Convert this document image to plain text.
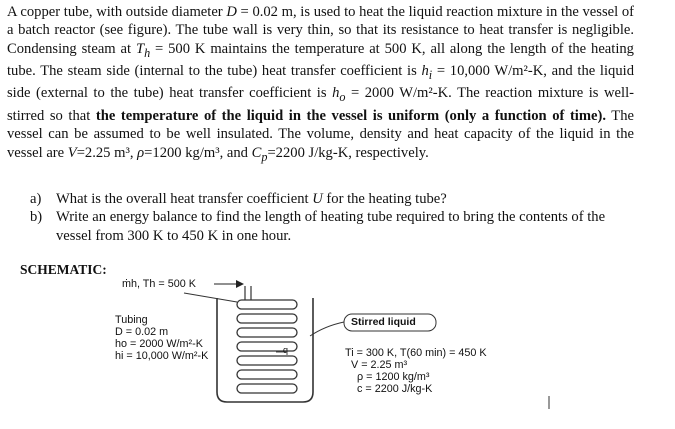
A copper tube, with outside diameter D = 0.02 m, is used to heat the liquid reaction mixture in the vessel of a batch reactor (see figure). The tube wall is very thin, so that its resistance to heat transfer is negligible. Condensing steam at $T_h = 500$ K maintains the temperature at 500 K, all along the length of the heating tube. The steam side (internal to the tube) heat transfer coefficient is $h_i = 10,000$ W/m²-K, and the liquid side (external to the tube) heat transfer coefficient is $h_o = 2000$ W/m²-K. The reaction mixture is well-stirred so that the temperature of the liquid in the vessel is uniform (only a function of time). The vessel can be assumed to be well insulated. The volume, density and heat capacity of the liquid in the vessel are V=2.25 m³, ρ=1200 kg/m³, and $C_p=2200$ J/kg-K, respectively.
a)	What is the overall heat transfer coefficient U for the heating tube?
b) Write an energy balance to find the length of heating tube required to bring the contents of the vessel from 300 K to 450 K in one hour.
SCHEMATIC:
ṁh, Th = 500 K
Tubing
D = 0.02 m
ho = 2000 W/m²-K
hi = 10,000 W/m²-K	q
Stirred liquid
Ti = 300 K, T(60 min) = 450 K
V = 2.25 m³
ρ = 1200 kg/m³
c = 2200 J/kg-K
